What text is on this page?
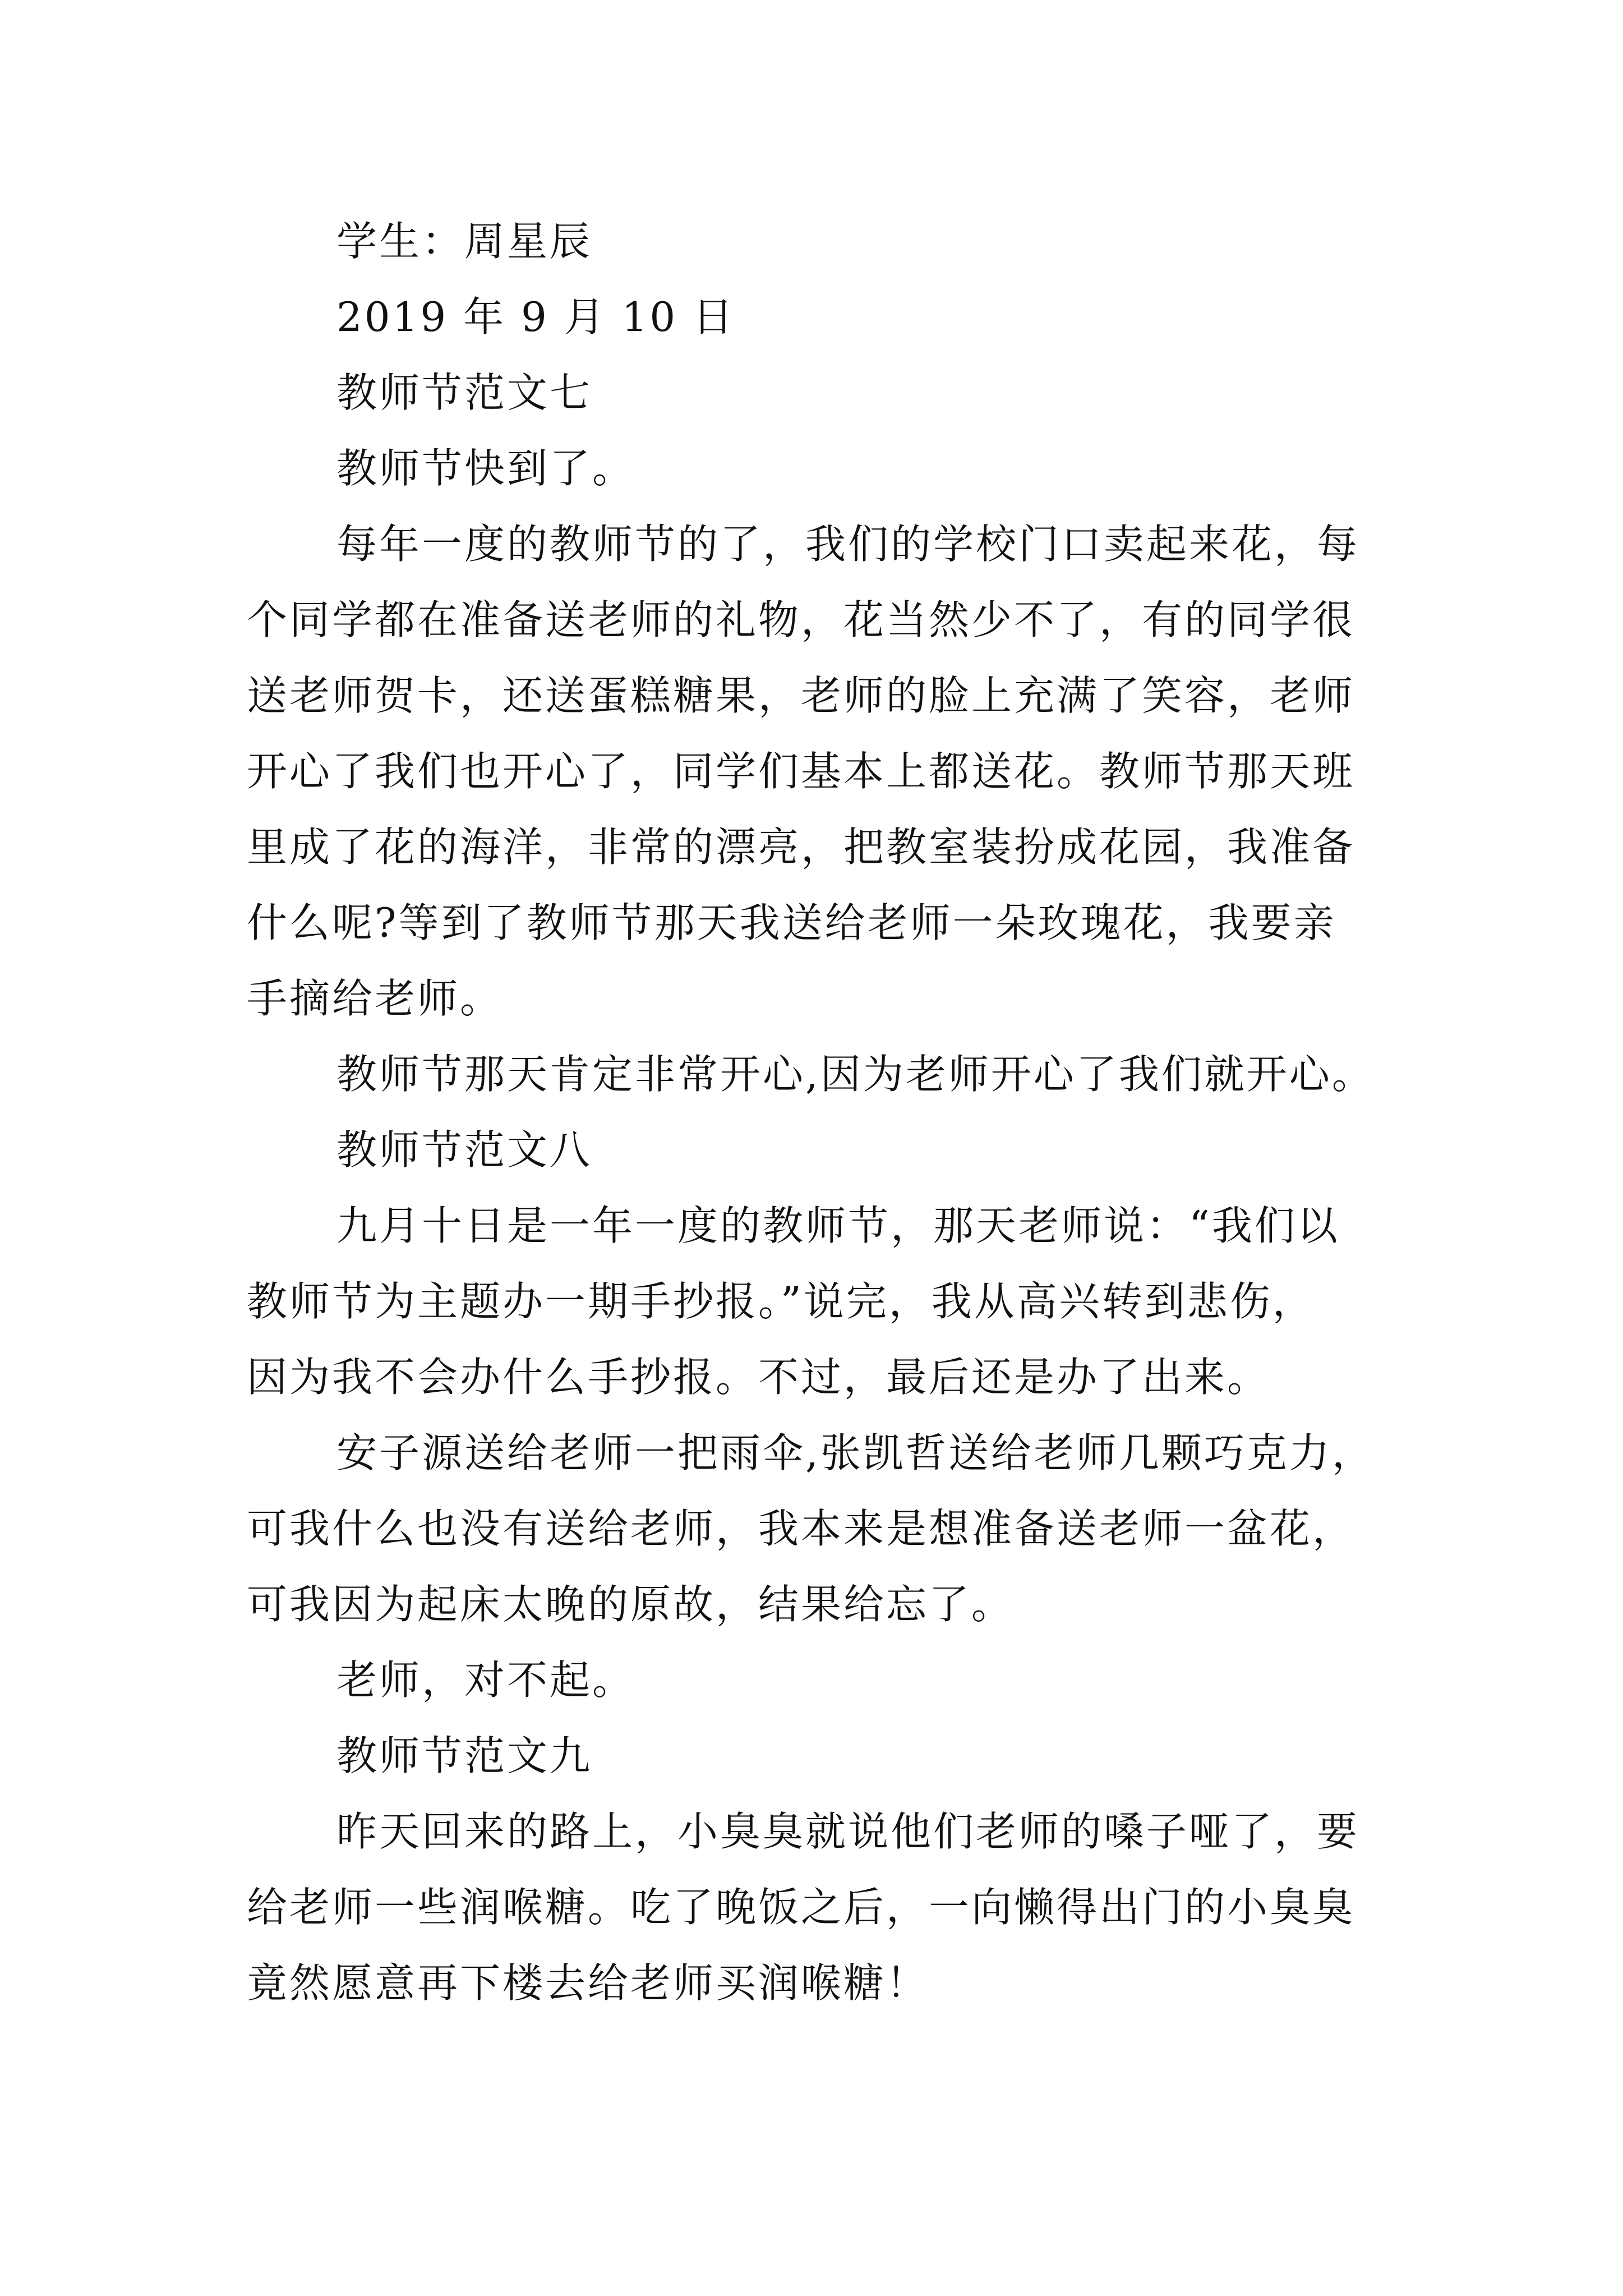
学生：周星辰
2019 年 9 月 10 日
教师节范文七
教师节快到了。
每年一度的教师节的了，我们的学校门口卖起来花，每
个同学都在准备送老师的礼物，花当然少不了，有的同学很
送老师贺卡，还送蛋糕糖果，老师的脸上充满了笑容，老师
开心了我们也开心了，同学们基本上都送花。教师节那天班
里成了花的海洋，非常的漂亮，把教室装扮成花园，我准备
什么呢?等到了教师节那天我送给老师一朵玫瑰花，我要亲
手摘给老师。
教师节那天肯定非常开心,因为老师开心了我们就开心。
教师节范文八
九月十日是一年一度的教师节，那天老师说：“我们以
教师节为主题办一期手抄报。”说完，我从高兴转到悲伤，
因为我不会办什么手抄报。不过，最后还是办了出来。
安子源送给老师一把雨伞,张凯哲送给老师几颗巧克力，
可我什么也没有送给老师，我本来是想准备送老师一盆花，
可我因为起床太晚的原故，结果给忘了。
老师，对不起。
教师节范文九
昨天回来的路上，小臭臭就说他们老师的嗓子哑了，要
给老师一些润喉糖。吃了晚饭之后，一向懒得出门的小臭臭
竟然愿意再下楼去给老师买润喉糖！
